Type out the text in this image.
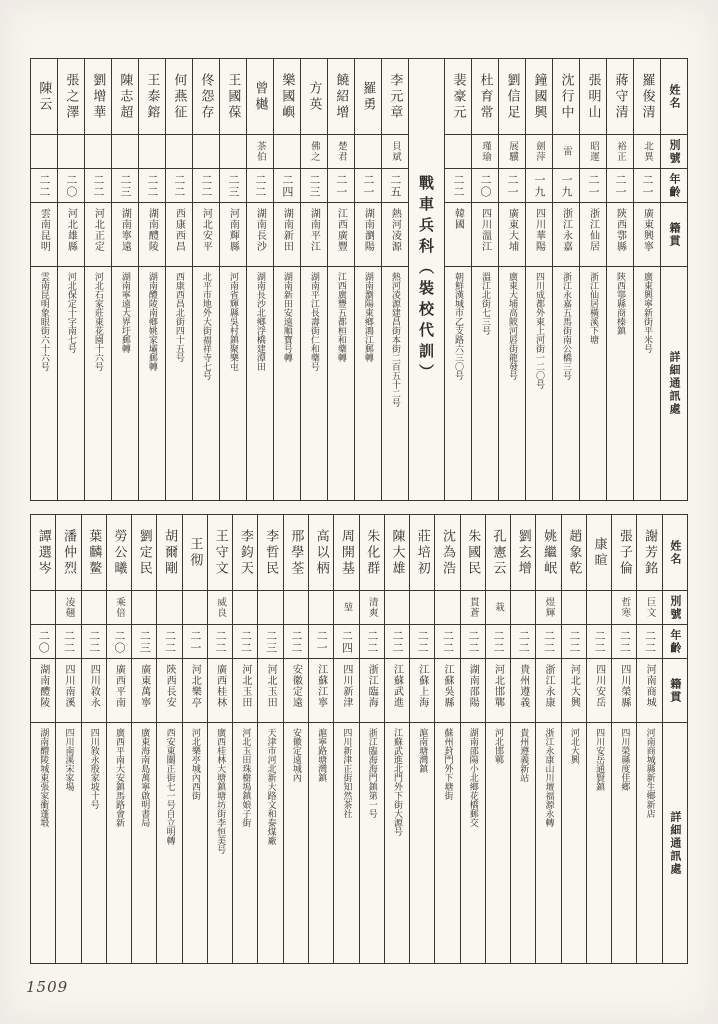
姓名
別號
年齡
籍貫
詳細通訊處
羅俊清
北異
二一
廣東興寧
廣東興寧新街平米号
蔣守清
裕正
二一
陝西鄠縣
陝西鄠縣商榛鎮
張明山
昭運
二一
浙江仙居
浙江仙居橫溪下塘
沈行中
雷
一九
浙江永嘉
浙江永嘉五馬街南公橋三号
鐘國興
劍萍
一九
四川華陽
四川成都外東上河街一二〇号
劉信足
展驥
二一
廣東大埔
廣東大埔高陂河唇街龍發号
杜育常
瑾瑜
二〇
四川溫江
溫江北街七三号
裴豪元
二二
韓國
朝鮮漢城市乙支路六三〇号
戰車兵科（裝校代訓）
李元章
貝斌
二五
熱河凌源
熱河凌源建昌街本街二百五十二号
羅勇
二一
湖南瀏陽
湖南瀏陽東鄉鴻江郵轉
饒紹增
楚君
二一
江西廣豐
江西廣豐五都桓和藥轉
方英
佛之
二三
湖南平江
湖南平江長壽街仁和藥号
樂國嶼
二四
湖南新田
湖南新田安遠順寶号轉
曾樾
茶伯
二二
湖南長沙
湖南長沙北鄉浮橋建潭田
王國葆
二三
河南輝縣
河南省輝縣吳村鎮聚樂屯
佟怨存
二二
河北安平
北平市地外大街福祥寺七号
何燕征
二二
西康西昌
西康西昌北街四十五号
王泰鎔
二二
湖南醴陵
湖南醴陵南鄉姚家壩郵轉
陳志超
二三
湖南寧遠
湖南寧遠大界圩郵轉
劉增華
二二
河北正定
河北石家莊東花園十六号
張之澤
二〇
河北雄縣
河北保定十字南七号
陳云
二二
雲南昆明
雲南昆明象眼街六十六号
姓名
別號
年齡
籍貫
詳細通訊處
謝芳銘
巨文
二二
河南商城
河南商城縣新生鄉新店
張子倫
哲寒
二二
四川榮縣
四川榮縣度佳鄉
康暄
二二
四川安岳
四川安岳通賢鎮
趙象乾
二二
河北大興
河北大興
姚繼岷
煜輝
二二
浙江永康
浙江永康山川壇福源永轉
劉玄增
二二
貴州遵義
貴州遵義新站
孔憲云
栽
二二
河北邯鄲
河北邯鄲
朱國民
貫蒼
二二
湖南邵陽
湖南邵陽小北鄉花橋郵交
沈為浩
二二
江蘇吳縣
蘇州葑門外下塘街
莊培初
二二
江蘇上海
滬南塘灣鎮
陳大雄
二二
江蘇武進
江蘇武進北門外下街大源号
朱化群
清爽
二二
浙江臨海
浙江臨海海門鎮第一号
周開基
堃
二四
四川新津
四川新津正街知然茶社
高以柄
二一
江蘇江寧
滬寧路塘灣鎮
邢學荃
二二
安徽定遠
安徽定遠城內
李哲民
二三
河北玉田
天津市河北新大路文和泰煤廠
李鈞天
二二
河北玉田
河北玉田珠樹塢鎮娘子街
王守文
威良
二二
廣西桂林
廣西桂林大塘鎮塘坊街李恒美号
王彻
二一
河北樂亭
河北樂亭城內西街
胡爾剛
二二
陝西長安
西安東關正街七一号自立明轉
劉定民
二三
廣東萬寧
廣東海南島萬寧啟明書局
勞公曦
乘倍
二〇
廣西平南
廣西平南大安鎮馬路會新
葉麟鳌
二二
四川敘永
四川敘永殷家坡十号
潘仲烈
凌翹
二二
四川南溪
四川南溪宋家場
譚選岑
二〇
湖南醴陵
湖南醴陵城東張家衝蓬塅
1509
